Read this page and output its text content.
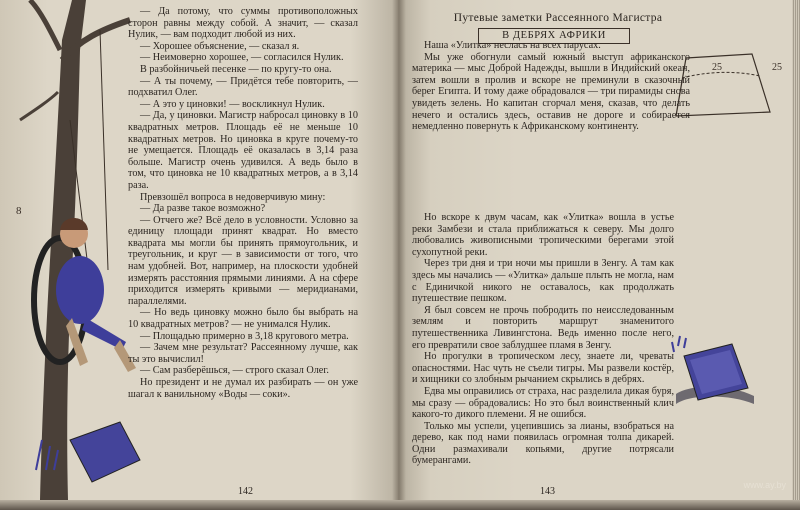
8

— Да потому, что суммы противоположных сторон равны между собой. А значит, — сказал Нулик, — вам подходит любой из них.

— Хорошее объяснение, — сказал я.

— Неимоверно хорошее, — согласился Нулик.

В разбойничьей песенке — по кругу-то она.

— А ты почему, — Придётся тебе повторить, — подхватил Олег.

— А это у циновки! — воскликнул Нулик.

— Да, у циновки. Магистр набросал циновку в 10 квадратных метров. Площадь её не меньше 10 квадратных метров. Но циновка в круге почему-то не умещается. Площадь её оказалась в 3,14 раза больше. Магистр очень удивился. А ведь было в том, что циновка не 10 квадратных метров, а в 3,14 раза.

Превзошёл вопроса в недоверчивую мину:

— Да разве такое возможно?

— Отчего же? Всё дело в условности. Условно за единицу площади принят квадрат. Но вместо квадрата мы могли бы принять прямоугольник, и треугольник, и круг — в зависимости от того, что нам удобней. Вот, например, на плоскости удобней измерять расстояния прямыми линиями. А на сфере приходится измерять кривыми — меридианами, параллелями.

— Но ведь циновку можно было бы выбрать на 10 квадратных метров? — не унимался Нулик.

— Площадью примерно в 3,18 кругового метра.

— Зачем мне результат? Рассеянному лучше, как ты это вычислил!

— Сам разберёшься, — строго сказал Олег.

Но президент и не думал их разбирать — он уже шагал к ванильному «Воды — соки».

142
Путевые заметки Рассеянного Магистра
В ДЕБРЯХ АФРИКИ
25	25

Наша «Улитка» неслась на всех парусах.

Мы уже обогнули самый южный выступ африканского материка — мыс Доброй Надежды, вышли в Индийский океан, затем вошли в пролив и вскоре не преминули в сказочный берег Египта. И тому даже обрадовался — три пирамиды снова увидеть зелень. Но капитан сгорчал меня, сказав, что делать нечего и остались здесь, оставив не дороге и собирается немедленно повернуть к Африканскому континенту.

Но вскоре к двум часам, как «Улитка» вошла в устье реки Замбези и стала приближаться к северу. Мы долго любовались живописными тропическими берегами этой сухопутной реки.

Через три дня и три ночи мы пришли в Зенгу. А там как здесь мы начались — «Улитка» дальше плыть не могла, нам с Единичкой никого не оставалось, как продолжать путешествие пешком.

Я был совсем не прочь побродить по неисследованным землям и повторить маршрут знаменитого путешественника Ливингстона. Ведь именно после него, его превратили свое заблудшее пламя в Зенгу.

Но прогулки в тропическом лесу, знаете ли, чреваты опасностями. Нас чуть не съели тигры. Мы развели костёр, и хищники со злобным рычанием скрылись в дебрях.

Едва мы оправились от страха, нас разделила дикая буря, мы сразу — обрадовались: Но это был воинственный клич какого-то дикого племени. Я не ошибся.

Только мы успели, уцепившись за лианы, взобраться на дерево, как под нами появилась огромная толпа дикарей. Одни размахивали копьями, другие потрясали бумерангами.

143
www.ay.by
